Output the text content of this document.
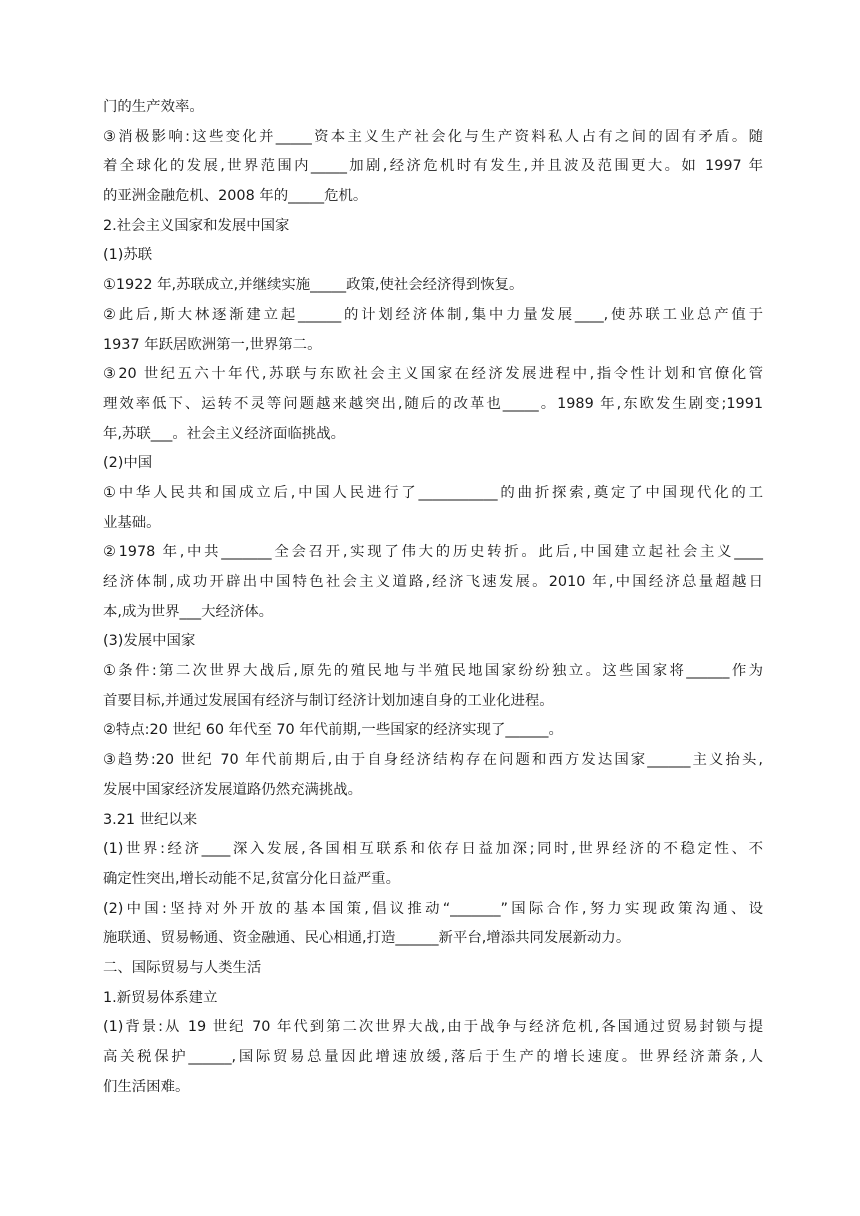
门的生产效率。
③消极影响:这些变化并_____资本主义生产社会化与生产资料私人占有之间的固有矛盾。随
着全球化的发展,世界范围内_____加剧,经济危机时有发生,并且波及范围更大。如 1997 年
的亚洲金融危机、2008 年的_____危机。
2.社会主义国家和发展中国家
(1)苏联
①1922 年,苏联成立,并继续实施_____政策,使社会经济得到恢复。
②此后,斯大林逐渐建立起______的计划经济体制,集中力量发展____,使苏联工业总产值于
1937 年跃居欧洲第一,世界第二。
③20 世纪五六十年代,苏联与东欧社会主义国家在经济发展进程中,指令性计划和官僚化管
理效率低下、运转不灵等问题越来越突出,随后的改革也_____。1989 年,东欧发生剧变;1991
年,苏联___。社会主义经济面临挑战。
(2)中国
①中华人民共和国成立后,中国人民进行了___________的曲折探索,奠定了中国现代化的工
业基础。
②1978 年,中共_______全会召开,实现了伟大的历史转折。此后,中国建立起社会主义____
经济体制,成功开辟出中国特色社会主义道路,经济飞速发展。2010 年,中国经济总量超越日
本,成为世界___大经济体。
(3)发展中国家
①条件:第二次世界大战后,原先的殖民地与半殖民地国家纷纷独立。这些国家将______作为
首要目标,并通过发展国有经济与制订经济计划加速自身的工业化进程。
②特点:20 世纪 60 年代至 70 年代前期,一些国家的经济实现了______。
③趋势:20 世纪 70 年代前期后,由于自身经济结构存在问题和西方发达国家______主义抬头,
发展中国家经济发展道路仍然充满挑战。
3.21 世纪以来
(1)世界:经济____深入发展,各国相互联系和依存日益加深;同时,世界经济的不稳定性、不
确定性突出,增长动能不足,贫富分化日益严重。
(2)中国:坚持对外开放的基本国策,倡议推动“_______”国际合作,努力实现政策沟通、设
施联通、贸易畅通、资金融通、民心相通,打造______新平台,增添共同发展新动力。
二、国际贸易与人类生活
1.新贸易体系建立
(1)背景:从 19 世纪 70 年代到第二次世界大战,由于战争与经济危机,各国通过贸易封锁与提
高关税保护______,国际贸易总量因此增速放缓,落后于生产的增长速度。世界经济萧条,人
们生活困难。
